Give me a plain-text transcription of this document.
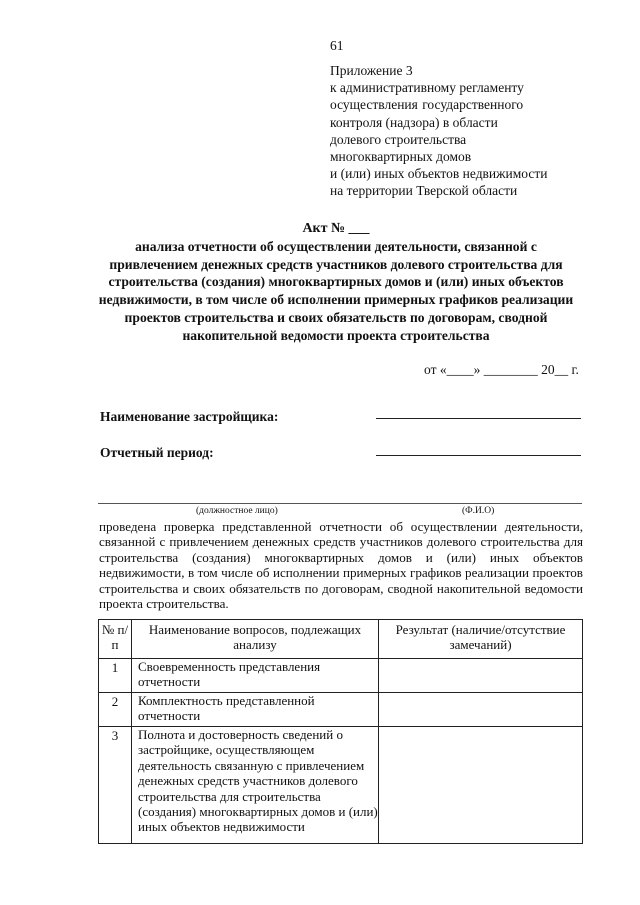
61
Приложение 3
к административному регламенту
осуществления государственного
контроля (надзора) в области
долевого строительства
многоквартирных домов
и (или) иных объектов недвижимости
на территории Тверской области
Акт № ___
анализа отчетности об осуществлении деятельности, связанной с привлечением денежных средств участников долевого строительства для строительства (создания) многоквартирных домов и (или) иных объектов недвижимости, в том числе об исполнении примерных графиков реализации проектов строительства и своих обязательств по договорам, сводной накопительной ведомости проекта строительства
от «____» ________ 20__ г.
Наименование застройщика:
Отчетный период:
(должностное лицо)	(Ф.И.О)
проведена проверка представленной отчетности об осуществлении деятельности, связанной с привлечением денежных средств участников долевого строительства для строительства (создания) многоквартирных домов и (или) иных объектов недвижимости, в том числе об исполнении примерных графиков реализации проектов строительства и своих обязательств по договорам, сводной накопительной ведомости проекта строительства.
№ п/п	Наименование вопросов, подлежащих анализу	Результат (наличие/отсутствие замечаний)
1	Своевременность представления отчетности	
2	Комплектность представленной отчетности	
3	Полнота и достоверность сведений о застройщике, осуществляющем деятельность связанную с привлечением денежных средств участников долевого строительства для строительства (создания) многоквартирных домов и (или) иных объектов недвижимости	
